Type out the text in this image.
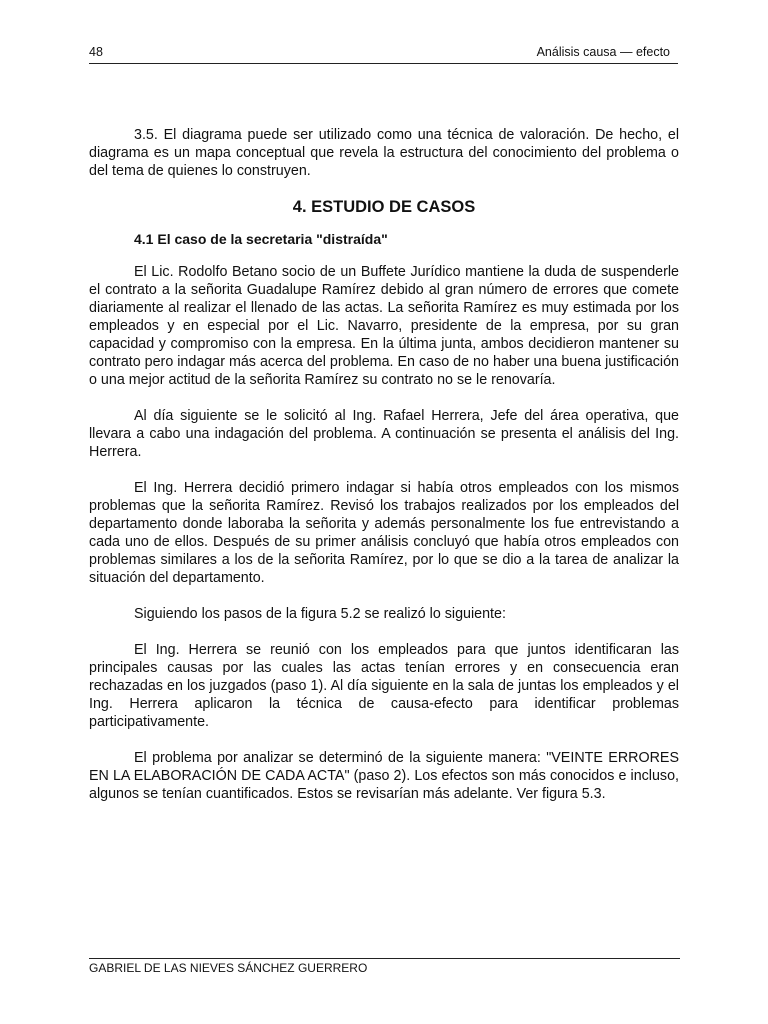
48	Análisis causa — efecto

3.5. El diagrama puede ser utilizado como una técnica de valoración. De hecho, el diagrama es un mapa conceptual que revela la estructura del conocimiento del problema o del tema de quienes lo construyen.

4. ESTUDIO DE CASOS
4.1 El caso de la secretaria "distraída"

El Lic. Rodolfo Betano socio de un Buffete Jurídico mantiene la duda de suspenderle el contrato a la señorita Guadalupe Ramírez debido al gran número de errores que comete diariamente al realizar el llenado de las actas. La señorita Ramírez es muy estimada por los empleados y en especial por el Lic. Navarro, presidente de la empresa, por su gran capacidad y compromiso con la empresa. En la última junta, ambos decidieron mantener su contrato pero indagar más acerca del problema. En caso de no haber una buena justificación o una mejor actitud de la señorita Ramírez su contrato no se le renovaría.

Al día siguiente se le solicitó al Ing. Rafael Herrera, Jefe del área operativa, que llevara a cabo una indagación del problema. A continuación se presenta el análisis del Ing. Herrera.

El Ing. Herrera decidió primero indagar si había otros empleados con los mismos problemas que la señorita Ramírez. Revisó los trabajos realizados por los empleados del departamento donde laboraba la señorita y además personalmente los fue entrevistando a cada uno de ellos. Después de su primer análisis concluyó que había otros empleados con problemas similares a los de la señorita Ramírez, por lo que se dio a la tarea de analizar la situación del departamento.

Siguiendo los pasos de la figura 5.2 se realizó lo siguiente:

El Ing. Herrera se reunió con los empleados para que juntos identificaran las principales causas por las cuales las actas tenían errores y en consecuencia eran rechazadas en los juzgados (paso 1). Al día siguiente en la sala de juntas los empleados y el Ing. Herrera aplicaron la técnica de causa-efecto para identificar problemas participativamente.

El problema por analizar se determinó de la siguiente manera: "VEINTE ERRORES EN LA ELABORACIÓN DE CADA ACTA" (paso 2). Los efectos son más conocidos e incluso, algunos se tenían cuantificados. Estos se revisarían más adelante. Ver figura 5.3.

GABRIEL DE LAS NIEVES SÁNCHEZ GUERRERO
